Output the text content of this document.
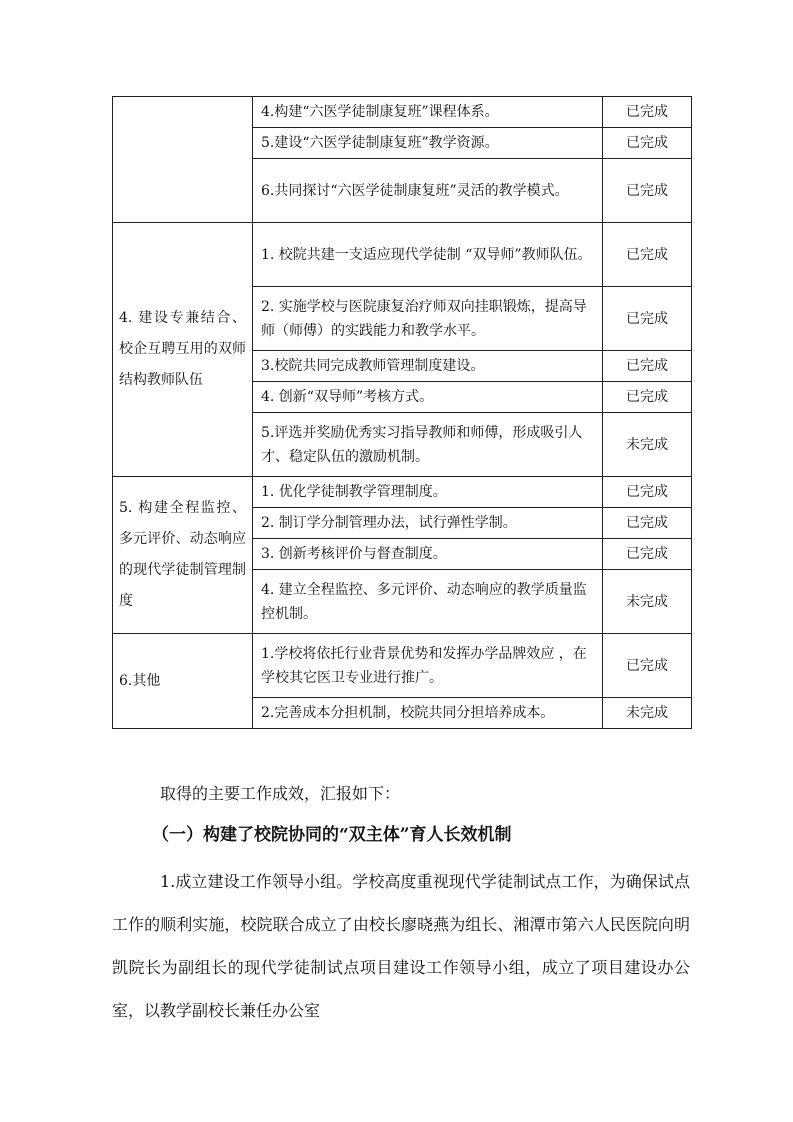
	4.构建“六医学徒制康复班”课程体系。	已完成
	5.建设“六医学徒制康复班”教学资源。	已完成
	6.共同探讨“六医学徒制康复班”灵活的教学模式。	已完成
4. 建设专兼结合、校企互聘互用的双师结构教师队伍	1. 校院共建一支适应现代学徒制 “双导师”教师队伍。	已完成
	2. 实施学校与医院康复治疗师双向挂职锻炼，提高导师（师傅）的实践能力和教学水平。	已完成
	3.校院共同完成教师管理制度建设。	已完成
	4. 创新“双导师”考核方式。	已完成
	5.评选并奖励优秀实习指导教师和师傅，形成吸引人才、稳定队伍的激励机制。	未完成
5. 构建全程监控、多元评价、动态响应的现代学徒制管理制度	1. 优化学徒制教学管理制度。	已完成
	2. 制订学分制管理办法，试行弹性学制。	已完成
	3. 创新考核评价与督查制度。	已完成
	4. 建立全程监控、多元评价、动态响应的教学质量监控机制。	未完成
6.其他	1.学校将依托行业背景优势和发挥办学品牌效应 ，在学校其它医卫专业进行推广。	已完成
	2.完善成本分担机制，校院共同分担培养成本。	未完成
取得的主要工作成效，汇报如下：
（一）构建了校院协同的“双主体”育人长效机制
1.成立建设工作领导小组。学校高度重视现代学徒制试点工作，为确保试点工作的顺利实施，校院联合成立了由校长廖晓燕为组长、湘潭市第六人民医院向明凯院长为副组长的现代学徒制试点项目建设工作领导小组，成立了项目建设办公室，以教学副校长兼任办公室
